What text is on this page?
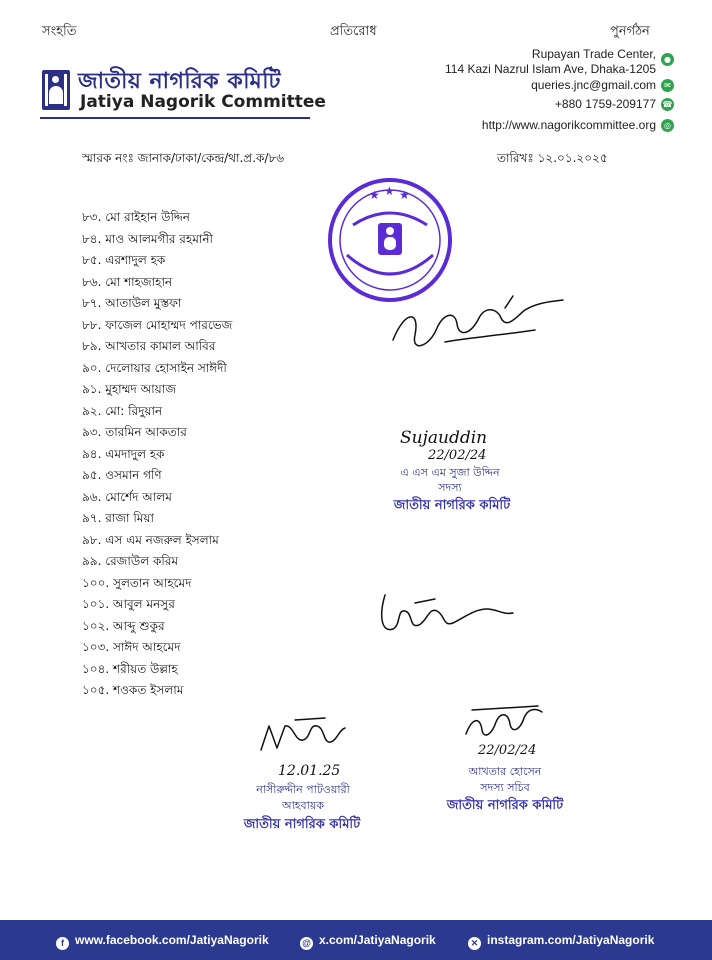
সংহতি	প্রতিরোধ	পুনর্গঠন
জাতীয় নাগরিক কমিটি
Jatiya Nagorik Committee
Rupayan Trade Center,
114 Kazi Nazrul Islam Ave, Dhaka-1205
●
queries.jnc@gmail.com	✉
+880 1759-209177 ☎
http://www.nagorikcommittee.org	◎
স্মারক নংঃ জানাক/ঢাকা/কেন্দ্র/থা.প্র.ক/৮৬	তারিখঃ ১২.০১.২০২৫
৮৩. মো রাইহান উদ্দিন
৮৪. মাও আলমগীর রহমানী
৮৫. এরশাদুল হক
৮৬. মো শাহজাহান
৮৭. আতাউল মুস্তফা
৮৮. ফাজেল মোহাম্মদ পারভেজ
৮৯. আখতার কামাল আবির
৯০. দেলোয়ার হোসাইন সাঈদী
৯১. মুহাম্মদ আয়াজ
৯২. মো: রিদুয়ান
৯৩. তারমিন আকতার
৯৪. এমদাদুল হক
৯৫. ওসমান গণি
৯৬. মোর্শেদ আলম
৯৭. রাজা মিয়া
৯৮. এস এম নজরুল ইসলাম
৯৯. রেজাউল করিম
১০০. সুলতান আহমেদ
১০১. আবুল মনসুর
১০২. আব্দু শুকুর
১০৩. সাঈদ আহমেদ
১০৪. শরীয়ত উল্লাহ
১০৫. শওকত ইসলাম
★ ★ ★
Sujauddin
22/02/24
এ এস এম সুজা উদ্দিন
সদস্য
জাতীয় নাগরিক কমিটি
12.01.25
নাসীরুদ্দীন পাটওয়ারী
আহবায়ক
জাতীয় নাগরিক কমিটি
22/02/24
আখতার হোসেন
সদস্য সচিব
জাতীয় নাগরিক কমিটি
f www.facebook.com/JatiyaNagorik	@ x.com/JatiyaNagorik	✕ instagram.com/JatiyaNagorik
